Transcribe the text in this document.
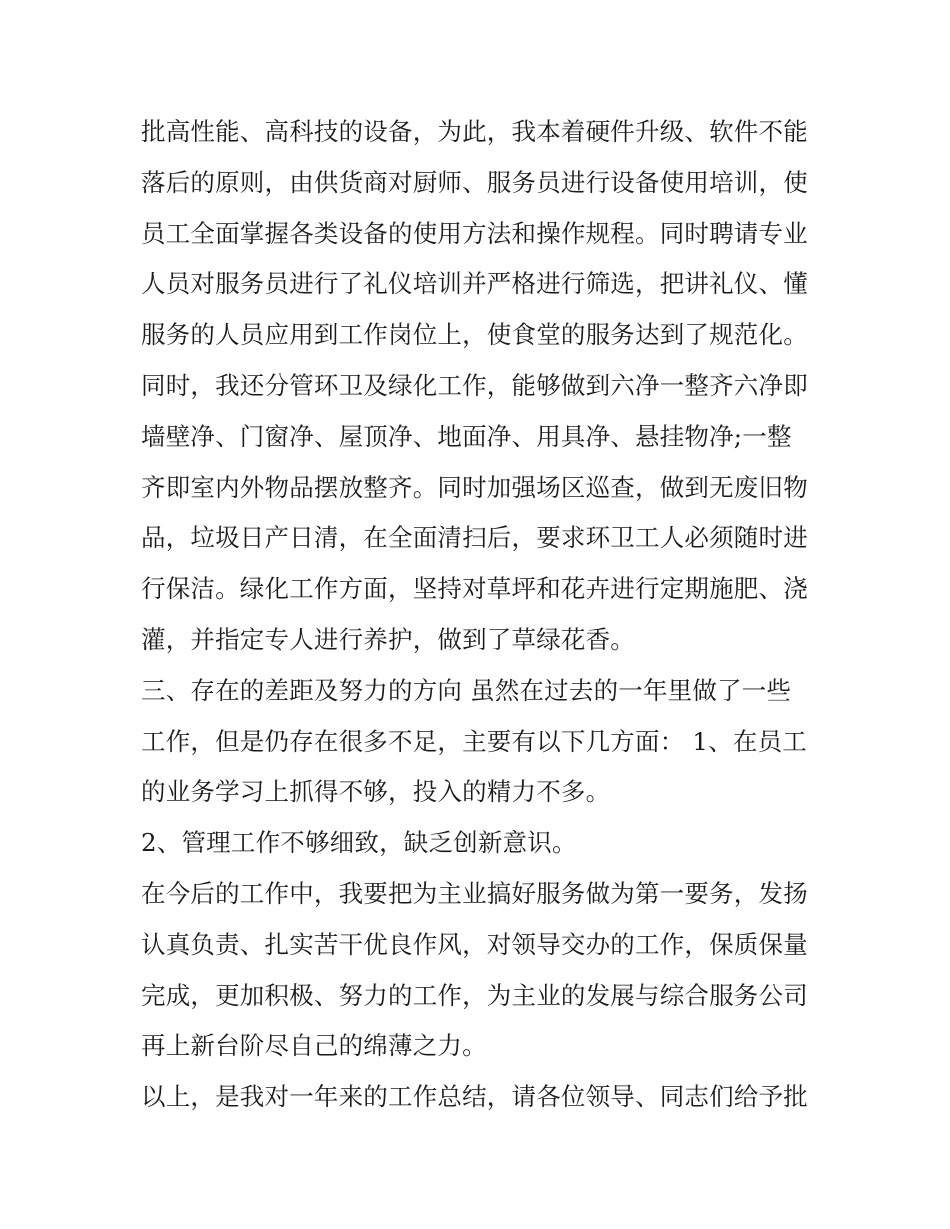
批高性能、高科技的设备，为此，我本着硬件升级、软件不能
落后的原则，由供货商对厨师、服务员进行设备使用培训，使
员工全面掌握各类设备的使用方法和操作规程。同时聘请专业
人员对服务员进行了礼仪培训并严格进行筛选，把讲礼仪、懂
服务的人员应用到工作岗位上，使食堂的服务达到了规范化。
同时，我还分管环卫及绿化工作，能够做到六净一整齐六净即
墙壁净、门窗净、屋顶净、地面净、用具净、悬挂物净;一整
齐即室内外物品摆放整齐。同时加强场区巡查，做到无废旧物
品，垃圾日产日清，在全面清扫后，要求环卫工人必须随时进
行保洁。绿化工作方面，坚持对草坪和花卉进行定期施肥、浇
灌，并指定专人进行养护，做到了草绿花香。
三、存在的差距及努力的方向 虽然在过去的一年里做了一些
工作，但是仍存在很多不足，主要有以下几方面： 1、在员工
的业务学习上抓得不够，投入的精力不多。
2、管理工作不够细致，缺乏创新意识。
在今后的工作中，我要把为主业搞好服务做为第一要务，发扬
认真负责、扎实苦干优良作风，对领导交办的工作，保质保量
完成，更加积极、努力的工作，为主业的发展与综合服务公司
再上新台阶尽自己的绵薄之力。
以上，是我对一年来的工作总结，请各位领导、同志们给予批
